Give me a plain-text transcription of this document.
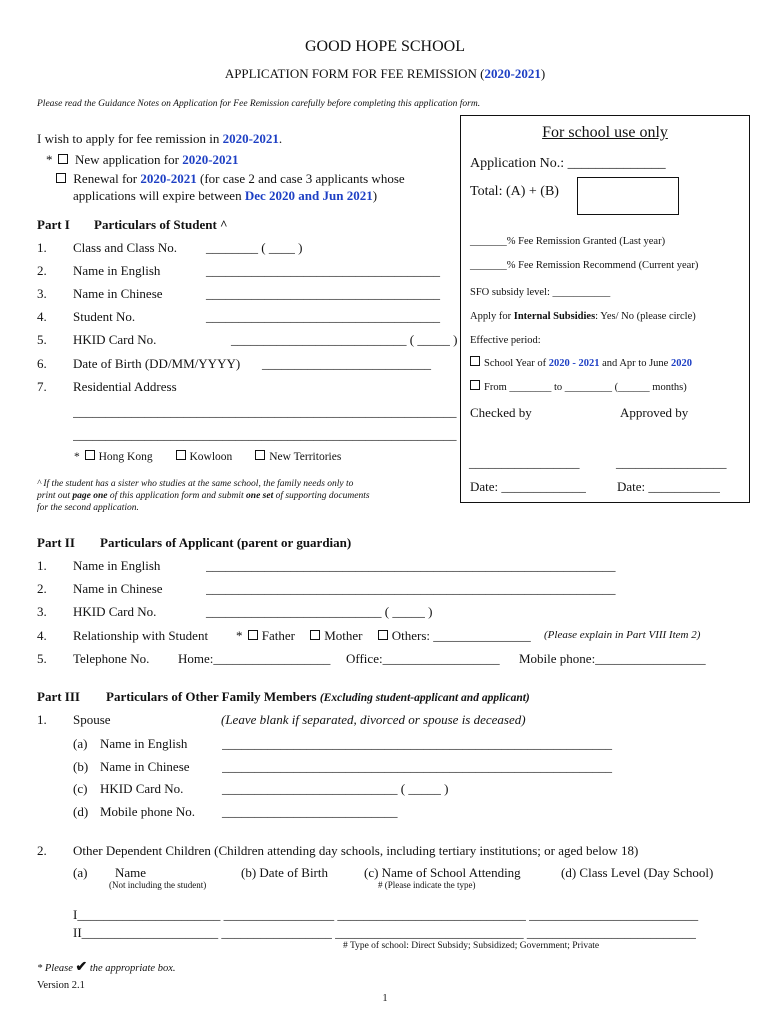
GOOD HOPE SCHOOL
APPLICATION FORM FOR FEE REMISSION (2020-2021)
Please read the Guidance Notes on Application for Fee Remission carefully before completing this application form.
I wish to apply for fee remission in 2020-2021.
* New application for 2020-2021
Renewal for 2020-2021 (for case 2 and case 3 applicants whose
applications will expire between Dec 2020 and Jun 2021)
For school use only
Application No.: ______________
Total: (A) + (B)
_______% Fee Remission Granted (Last year)
_______% Fee Remission Recommend (Current year)
SFO subsidy level: ___________
Apply for Internal Subsidies: Yes/ No (please circle)
Effective period:
School Year of 2020 - 2021 and Apr to June 2020
From ________ to _________ (______ months)
Checked by	Approved by
_________________	_________________
Date: _____________ Date: ___________
Part I Particulars of Student ^
1. Class and Class No. ________ ( ____ )
2. Name in English	____________________________________
3. Name in Chinese	____________________________________
4. Student No.	____________________________________
5. HKID Card No.	___________________________ ( _____ )
6. Date of Birth (DD/MM/YYYY) __________________________
7. Residential Address
___________________________________________________________
___________________________________________________________
* Hong Kong	Kowloon	New Territories
^ If the student has a sister who studies at the same school, the family needs only to
print out page one of this application form and submit one set of supporting documents
for the second application.
Part II Particulars of Applicant (parent or guardian)
1. Name in English	_______________________________________________________________
2. Name in Chinese	_______________________________________________________________
3. HKID Card No.	___________________________ ( _____ )
4. Relationship with Student * Father Mother Others: _______________ (Please explain in Part VIII Item 2)
5. Telephone No. Home:__________________ Office:__________________ Mobile phone:_________________
Part III Particulars of Other Family Members (Excluding student-applicant and applicant)
1. Spouse	(Leave blank if separated, divorced or spouse is deceased)
(a) Name in English	____________________________________________________________
(b) Name in Chinese ____________________________________________________________
(c) HKID Card No.	___________________________ ( _____ )
(d) Mobile phone No. ___________________________
2. Other Dependent Children (Children attending day schools, including tertiary institutions; or aged below 18)
(a) Name
(Not including the student)
(b) Date of Birth	(c) Name of School Attending
# (Please indicate the type)
(d) Class Level (Day School)
I______________________ _________________ _____________________________ __________________________
II_____________________ _________________ _____________________________ __________________________
# Type of school: Direct Subsidy; Subsidized; Government; Private
* Please ✔ the appropriate box.
Version 2.1
1
